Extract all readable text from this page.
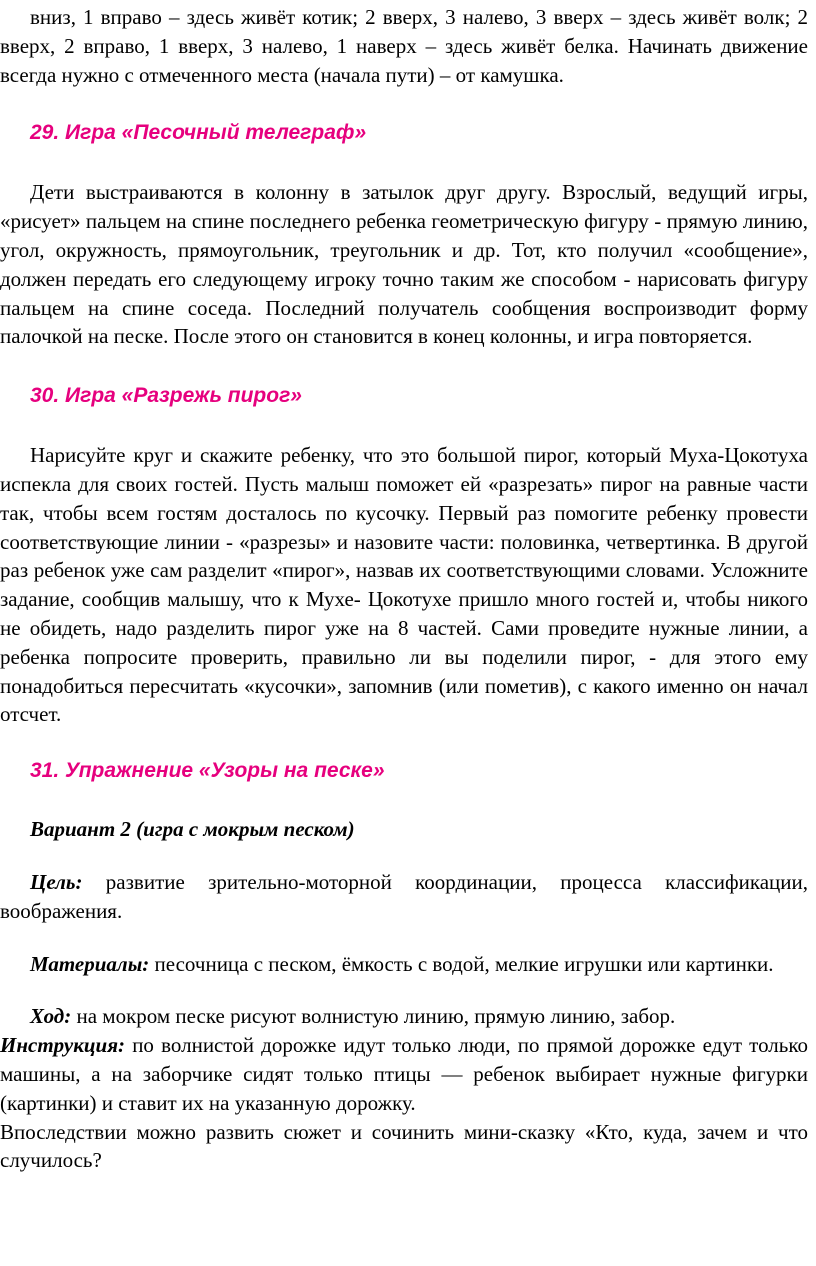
вниз, 1 вправо – здесь живёт котик; 2 вверх, 3 налево, 3 вверх – здесь живёт волк; 2 вверх, 2 вправо, 1 вверх, 3 налево, 1 наверх – здесь живёт белка. Начинать движение всегда нужно с отмеченного места (начала пути) – от камушка.

29. Игра «Песочный телеграф»

Дети выстраиваются в колонну в затылок друг другу. Взрослый, ведущий игры, «рисует» пальцем на спине последнего ребенка геометрическую фигуру - прямую линию, угол, окружность, прямоугольник, треугольник и др. Тот, кто получил «сообщение», должен передать его следующему игроку точно таким же способом - нарисовать фигуру пальцем на спине соседа. Последний получатель сообщения воспроизводит форму палочкой на песке. После этого он становится в конец колонны, и игра повторяется.

30. Игра «Разрежь пирог»

Нарисуйте круг и скажите ребенку, что это большой пирог, который Муха-Цокотуха испекла для своих гостей. Пусть малыш поможет ей «разрезать» пирог на равные части так, чтобы всем гостям досталось по кусочку. Первый раз помогите ребенку провести соответствующие линии - «разрезы» и назовите части: половинка, четвертинка. В другой раз ребенок уже сам разделит «пирог», назвав их соответствующими словами. Усложните задание, сообщив малышу, что к Мухе- Цокотухе пришло много гостей и, чтобы никого не обидеть, надо разделить пирог уже на 8 частей. Сами проведите нужные линии, а ребенка попросите проверить, правильно ли вы поделили пирог, - для этого ему понадобиться пересчитать «кусочки», запомнив (или пометив), с какого именно он начал отсчет.

31. Упражнение «Узоры на песке»

Вариант 2 (игра с мокрым песком)

Цель: развитие зрительно-моторной координации, процесса классификации, воображения.

Материалы: песочница с песком, ёмкость с водой, мелкие игрушки или картинки.

Ход: на мокром песке рисуют волнистую линию, прямую линию, забор.

Инструкция: по волнистой дорожке идут только люди, по прямой дорожке едут только машины, а на заборчике сидят только птицы — ребенок выбирает нужные фигурки (картинки) и ставит их на указанную дорожку.

Впоследствии можно развить сюжет и сочинить мини-сказку «Кто, куда, зачем и что случилось?
